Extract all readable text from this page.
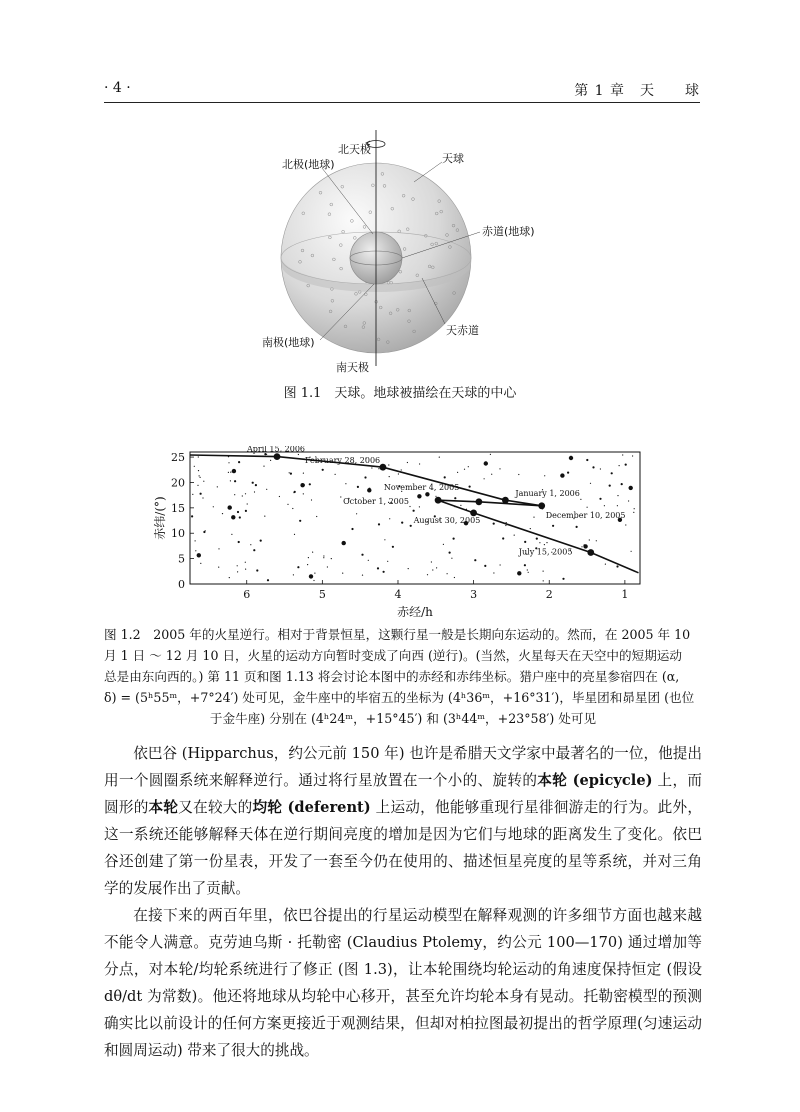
· 4 ·	第 1 章　天　　球
北天极
北极(地球)	天球
赤道(地球)
天赤道
南极(地球)
南天极
图 1.1　天球。地球被描绘在天球的中心
6	5	4	3	2	1
0
5
10
15
20
25
April 15, 2006
February 28, 2006
January 1, 2006
December 10, 2005
November 4, 2005
October 1, 2005
August 30, 2005
July 15, 2005
赤经/h
赤纬/(°)
图 1.2　2005 年的火星逆行。相对于背景恒星，这颗行星一般是长期向东运动的。然而，在 2005 年 10
月 1 日 ～ 12 月 10 日，火星的运动方向暂时变成了向西 (逆行)。(当然，火星每天在天空中的短期运动
总是由东向西的。) 第 11 页和图 1.13 将会讨论本图中的赤经和赤纬坐标。猎户座中的亮星参宿四在 (α,
δ) = (5ʰ55ᵐ，+7°24′) 处可见，金牛座中的毕宿五的坐标为 (4ʰ36ᵐ，+16°31′)，毕星团和昴星团 (也位
于金牛座) 分别在 (4ʰ24ᵐ，+15°45′) 和 (3ʰ44ᵐ，+23°58′) 处可见

依巴谷 (Hipparchus，约公元前 150 年) 也许是希腊天文学家中最著名的一位，他提出用一个圆圈系统来解释逆行。通过将行星放置在一个小的、旋转的本轮 (epicycle) 上，而圆形的本轮又在较大的均轮 (deferent) 上运动，他能够重现行星徘徊游走的行为。此外，这一系统还能够解释天体在逆行期间亮度的增加是因为它们与地球的距离发生了变化。依巴谷还创建了第一份星表，开发了一套至今仍在使用的、描述恒星亮度的星等系统，并对三角学的发展作出了贡献。

在接下来的两百年里，依巴谷提出的行星运动模型在解释观测的许多细节方面也越来越不能令人满意。克劳迪乌斯 · 托勒密 (Claudius Ptolemy，约公元 100—170) 通过增加等分点，对本轮/均轮系统进行了修正 (图 1.3)，让本轮围绕均轮运动的角速度保持恒定 (假设 dθ/dt 为常数)。他还将地球从均轮中心移开，甚至允许均轮本身有晃动。托勒密模型的预测确实比以前设计的任何方案更接近于观测结果，但却对柏拉图最初提出的哲学原理(匀速运动和圆周运动) 带来了很大的挑战。
